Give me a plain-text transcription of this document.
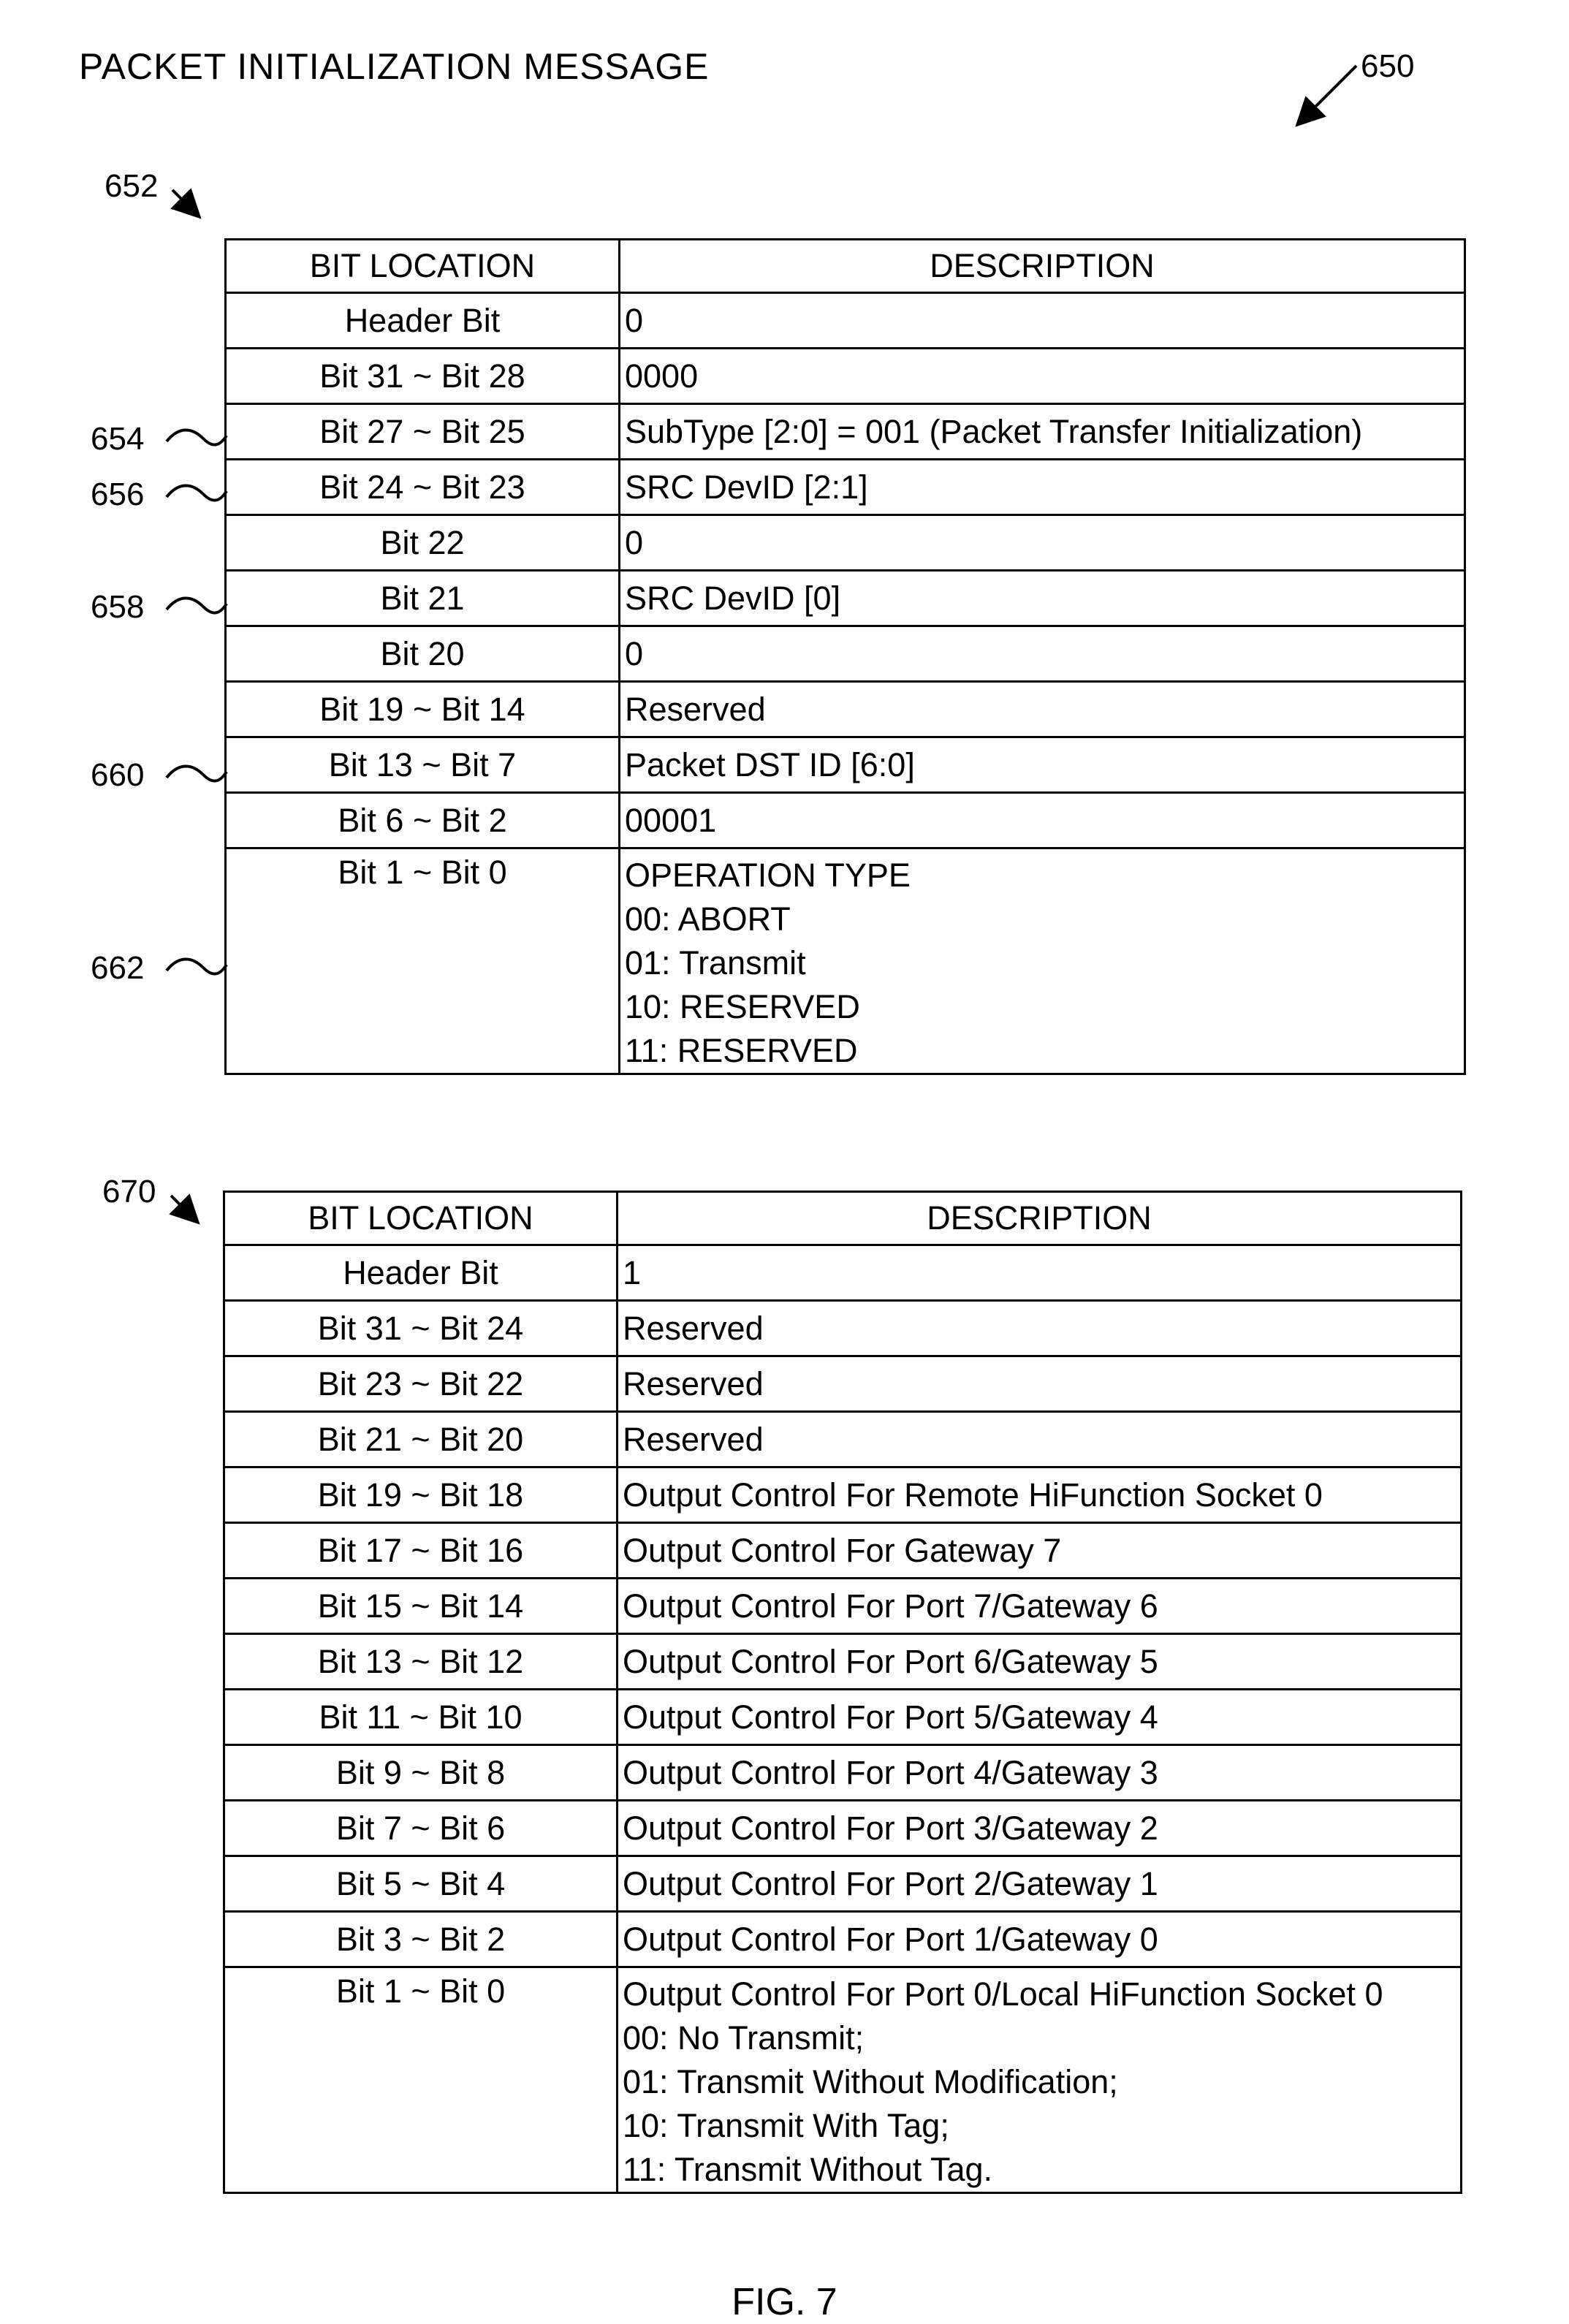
PACKET INITIALIZATION MESSAGE	650
652
654
656
658
660
662
670
BIT LOCATION	DESCRIPTION
Header Bit	0
Bit 31 ~ Bit 28	0000
Bit 27 ~ Bit 25	SubType [2:0] = 001 (Packet Transfer Initialization)
Bit 24 ~ Bit 23	SRC DevID [2:1]
Bit 22	0
Bit 21	SRC DevID [0]
Bit 20	0
Bit 19 ~ Bit 14	Reserved
Bit 13 ~ Bit 7	Packet DST ID [6:0]
Bit 6 ~ Bit 2	00001
Bit 1 ~ Bit 0	OPERATION TYPE
00: ABORT
01: Transmit
10: RESERVED
11: RESERVED
BIT LOCATION	DESCRIPTION
Header Bit	1
Bit 31 ~ Bit 24	Reserved
Bit 23 ~ Bit 22	Reserved
Bit 21 ~ Bit 20	Reserved
Bit 19 ~ Bit 18	Output Control For Remote HiFunction Socket 0
Bit 17 ~ Bit 16	Output Control For Gateway 7
Bit 15 ~ Bit 14	Output Control For Port 7/Gateway 6
Bit 13 ~ Bit 12	Output Control For Port 6/Gateway 5
Bit 11 ~ Bit 10	Output Control For Port 5/Gateway 4
Bit 9 ~ Bit 8	Output Control For Port 4/Gateway 3
Bit 7 ~ Bit 6	Output Control For Port 3/Gateway 2
Bit 5 ~ Bit 4	Output Control For Port 2/Gateway 1
Bit 3 ~ Bit 2	Output Control For Port 1/Gateway 0
Bit 1 ~ Bit 0	Output Control For Port 0/Local HiFunction Socket 0
00: No Transmit;
01: Transmit Without Modification;
10: Transmit With Tag;
11: Transmit Without Tag.
FIG. 7
